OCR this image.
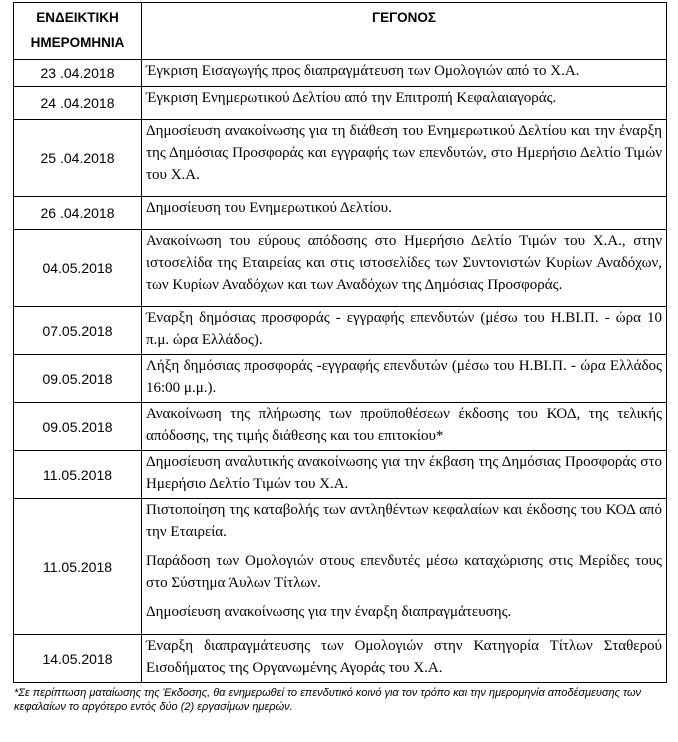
ΕΝΔΕΙΚΤΙΚΗ ΗΜΕΡΟΜΗΝΙΑ	ΓΕΓΟΝΟΣ
23 .04.2018	Έγκριση Εισαγωγής προς διαπραγμάτευση των Ομολογιών από το Χ.Α.

24 .04.2018	Έγκριση Ενημερωτικού Δελτίου από την Επιτροπή Κεφαλαιαγοράς.

25 .04.2018	Δημοσίευση ανακοίνωσης για τη διάθεση του Ενημερωτικού Δελτίου και την έναρξη της Δημόσιας Προσφοράς και εγγραφής των επενδυτών, στο Ημερήσιο Δελτίο Τιμών του Χ.Α.

26 .04.2018	Δημοσίευση του Ενημερωτικού Δελτίου.

04.05.2018	Ανακοίνωση του εύρους απόδοσης στο Ημερήσιο Δελτίο Τιμών του Χ.Α., στην ιστοσελίδα της Εταιρείας και στις ιστοσελίδες των Συντονιστών Κυρίων Αναδόχων, των Κυρίων Αναδόχων και των Αναδόχων της Δημόσιας Προσφοράς.

07.05.2018	Έναρξη δημόσιας προσφοράς - εγγραφής επενδυτών (μέσω του Η.ΒΙ.Π. - ώρα 10 π.μ. ώρα Ελλάδος).

09.05.2018	Λήξη δημόσιας προσφοράς -εγγραφής επενδυτών (μέσω του Η.ΒΙ.Π. - ώρα Ελλάδος 16:00 μ.μ.).

09.05.2018	Ανακοίνωση της πλήρωσης των προϋποθέσεων έκδοσης του ΚΟΔ, της τελικής απόδοσης, της τιμής διάθεσης και του επιτοκίου*

11.05.2018	Δημοσίευση αναλυτικής ανακοίνωσης για την έκβαση της Δημόσιας Προσφοράς στο Ημερήσιο Δελτίο Τιμών του Χ.Α.

11.05.2018	Πιστοποίηση της καταβολής των αντληθέντων κεφαλαίων και έκδοσης του ΚΟΔ από την Εταιρεία.

Παράδοση των Ομολογιών στους επενδυτές μέσω καταχώρισης στις Μερίδες τους στο Σύστημα Άυλων Τίτλων.

Δημοσίευση ανακοίνωσης για την έναρξη διαπραγμάτευσης.

14.05.2018	Έναρξη διαπραγμάτευσης των Ομολογιών στην Κατηγορία Τίτλων Σταθερού Εισοδήματος της Οργανωμένης Αγοράς του Χ.Α.

*Σε περίπτωση ματαίωσης της Έκδοσης, θα ενημερωθεί το επενδυτικό κοινό για τον τρόπο και την ημερομηνία αποδέσμευσης των κεφαλαίων το αργότερο εντός δύο (2) εργασίμων ημερών.
